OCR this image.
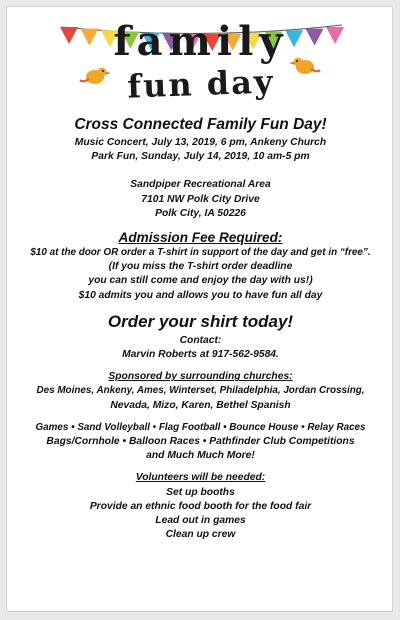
family
fun day
Cross Connected Family Fun Day!
Music Concert, July 13, 2019, 6 pm, Ankeny Church
Park Fun, Sunday, July 14, 2019, 10 am-5 pm
Sandpiper Recreational Area
7101 NW Polk City Drive
Polk City, IA 50226
Admission Fee Required:
$10 at the door OR order a T-shirt in support of the day and get in “free”.
(If you miss the T-shirt order deadline
you can still come and enjoy the day with us!)
$10 admits you and allows you to have fun all day
Order your shirt today!
Contact:
Marvin Roberts at 917-562-9584.
Sponsored by surrounding churches:
Des Moines, Ankeny, Ames, Winterset, Philadelphia, Jordan Crossing,
Nevada, Mizo, Karen, Bethel Spanish
Games • Sand Volleyball • Flag Football • Bounce House • Relay Races
Bags/Cornhole • Balloon Races • Pathfinder Club Competitions
and Much Much More!
Volunteers will be needed:
Set up booths
Provide an ethnic food booth for the food fair
Lead out in games
Clean up crew
